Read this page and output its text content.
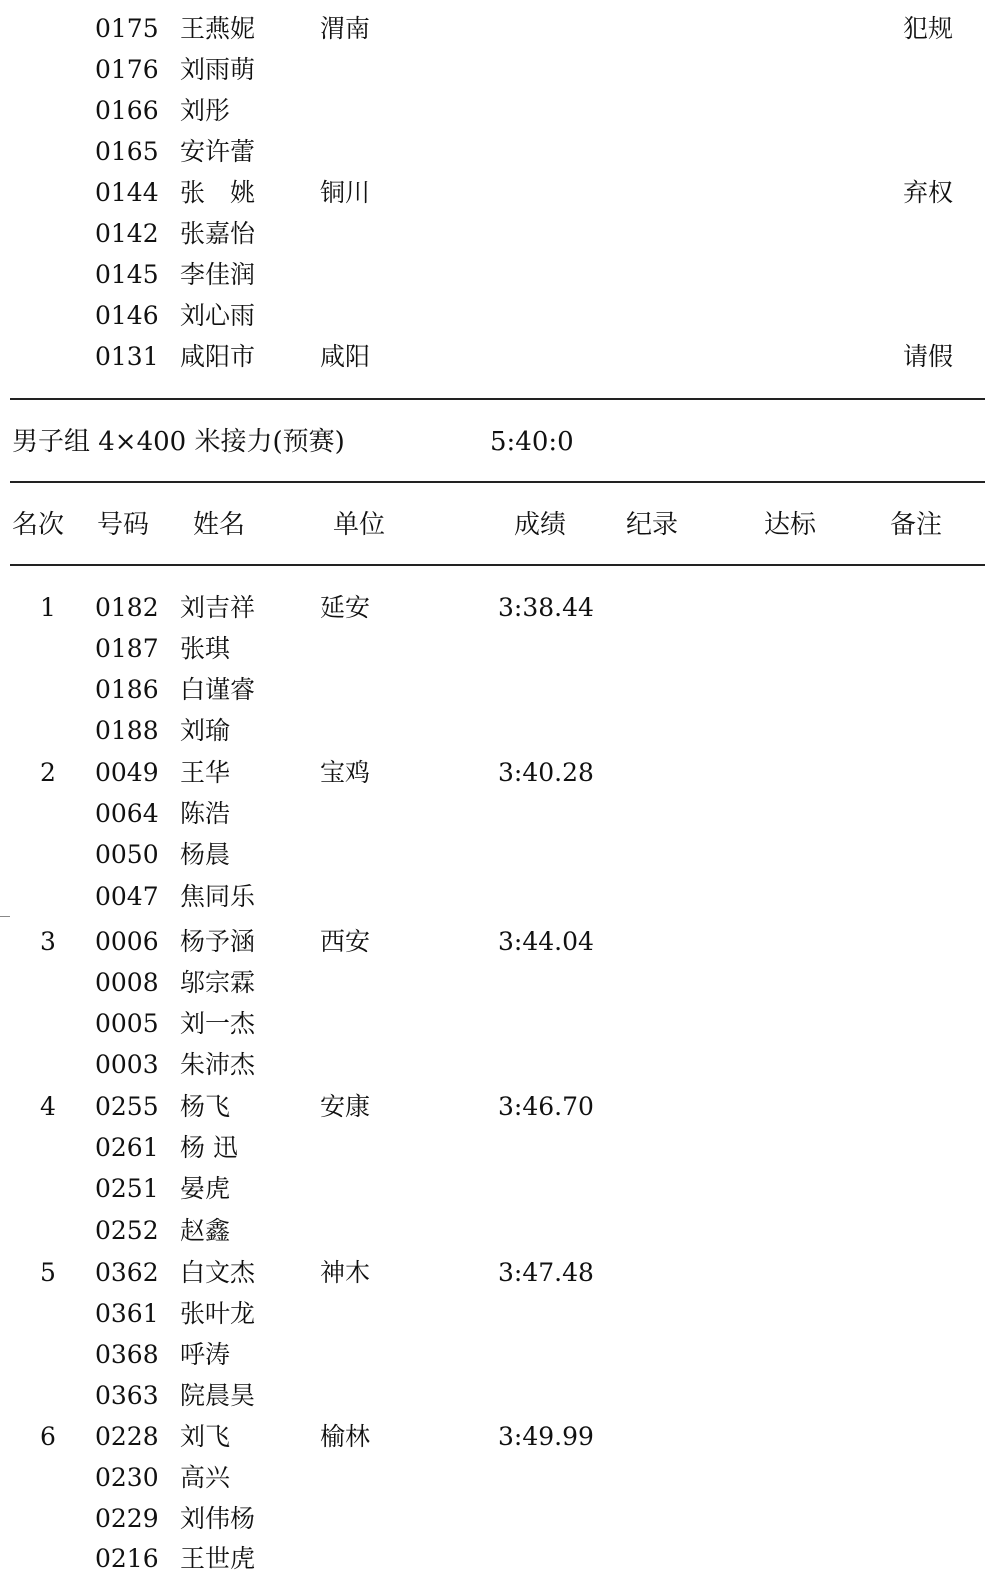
0175 王燕妮	渭南	犯规
0176 刘雨萌
0166 刘彤
0165 安许蕾
0144 张　姚	铜川	弃权
0142 张嘉怡
0145 李佳润
0146 刘心雨
0131 咸阳市	咸阳	请假
男子组 4×400 米接力(预赛)	5:40:0
名次 号码 姓名	单位	成绩 纪录	达标	备注
1 0182 刘吉祥	延安	3:38.44
0187 张琪
0186 白谨睿
0188 刘瑜
2 0049 王华	宝鸡	3:40.28
0064 陈浩
0050 杨晨
0047 焦同乐
3 0006 杨予涵	西安	3:44.04
0008 邬宗霖
0005 刘一杰
0003 朱沛杰
4 0255 杨飞	安康	3:46.70
0261 杨 迅
0251 晏虎
0252 赵鑫
5 0362 白文杰	神木	3:47.48
0361 张叶龙
0368 呼涛
0363 院晨昊
6 0228 刘飞	榆林	3:49.99
0230 高兴
0229 刘伟杨
0216 王世虎
